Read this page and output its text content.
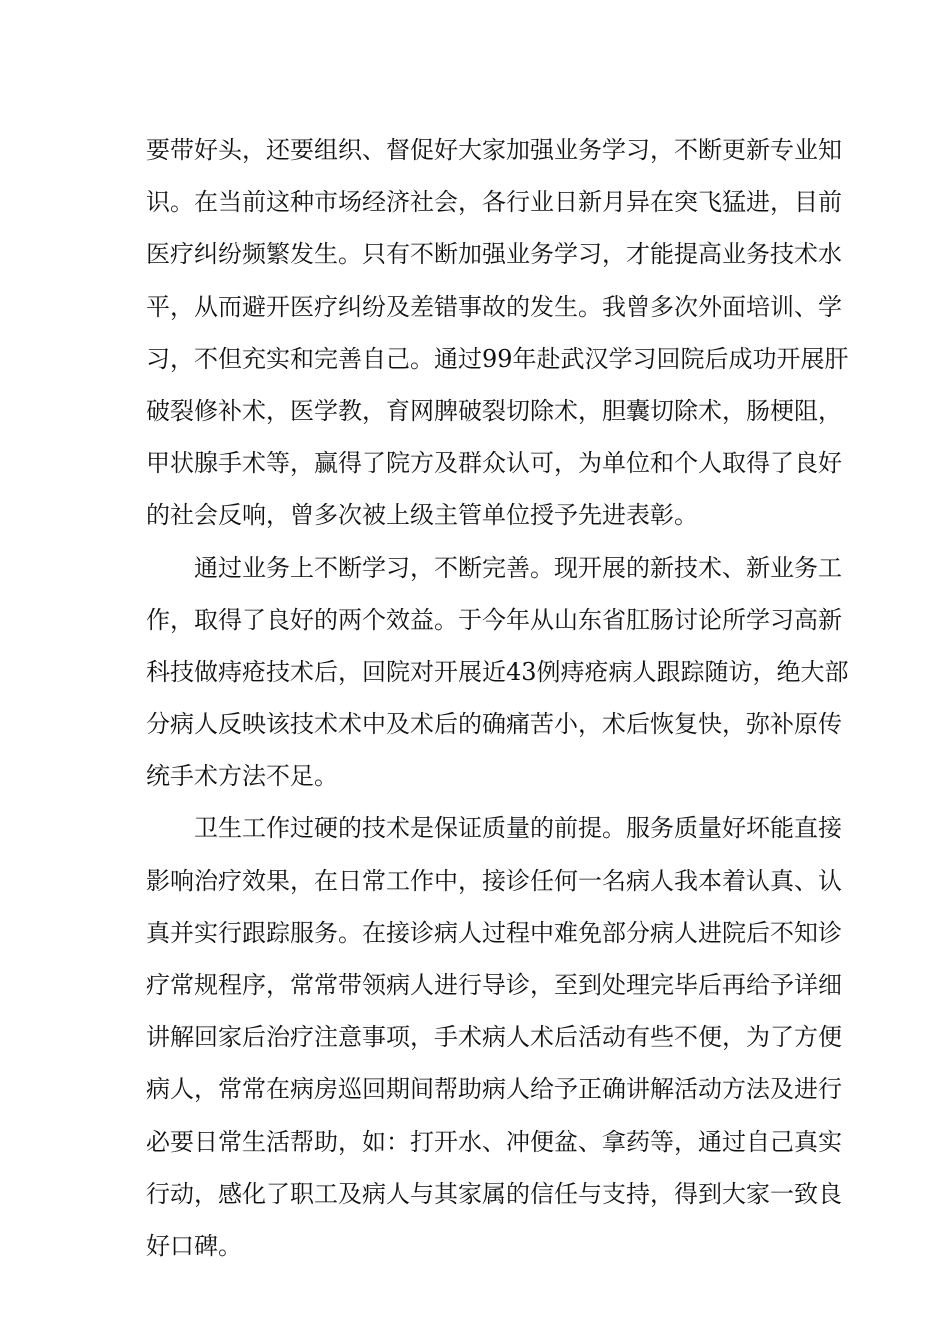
要带好头，还要组织、督促好大家加强业务学习，不断更新专业知
识。在当前这种市场经济社会，各行业日新月异在突飞猛进，目前
医疗纠纷频繁发生。只有不断加强业务学习，才能提高业务技术水
平，从而避开医疗纠纷及差错事故的发生。我曾多次外面培训、学
习，不但充实和完善自己。通过99年赴武汉学习回院后成功开展肝
破裂修补术，医学教，育网脾破裂切除术，胆囊切除术，肠梗阻，
甲状腺手术等，赢得了院方及群众认可，为单位和个人取得了良好
的社会反响，曾多次被上级主管单位授予先进表彰。
　　通过业务上不断学习，不断完善。现开展的新技术、新业务工
作，取得了良好的两个效益。于今年从山东省肛肠讨论所学习高新
科技做痔疮技术后，回院对开展近43例痔疮病人跟踪随访，绝大部
分病人反映该技术术中及术后的确痛苦小，术后恢复快，弥补原传
统手术方法不足。
　　卫生工作过硬的技术是保证质量的前提。服务质量好坏能直接
影响治疗效果，在日常工作中，接诊任何一名病人我本着认真、认
真并实行跟踪服务。在接诊病人过程中难免部分病人进院后不知诊
疗常规程序，常常带领病人进行导诊，至到处理完毕后再给予详细
讲解回家后治疗注意事项，手术病人术后活动有些不便，为了方便
病人，常常在病房巡回期间帮助病人给予正确讲解活动方法及进行
必要日常生活帮助，如：打开水、冲便盆、拿药等，通过自己真实
行动，感化了职工及病人与其家属的信任与支持，得到大家一致良
好口碑。
